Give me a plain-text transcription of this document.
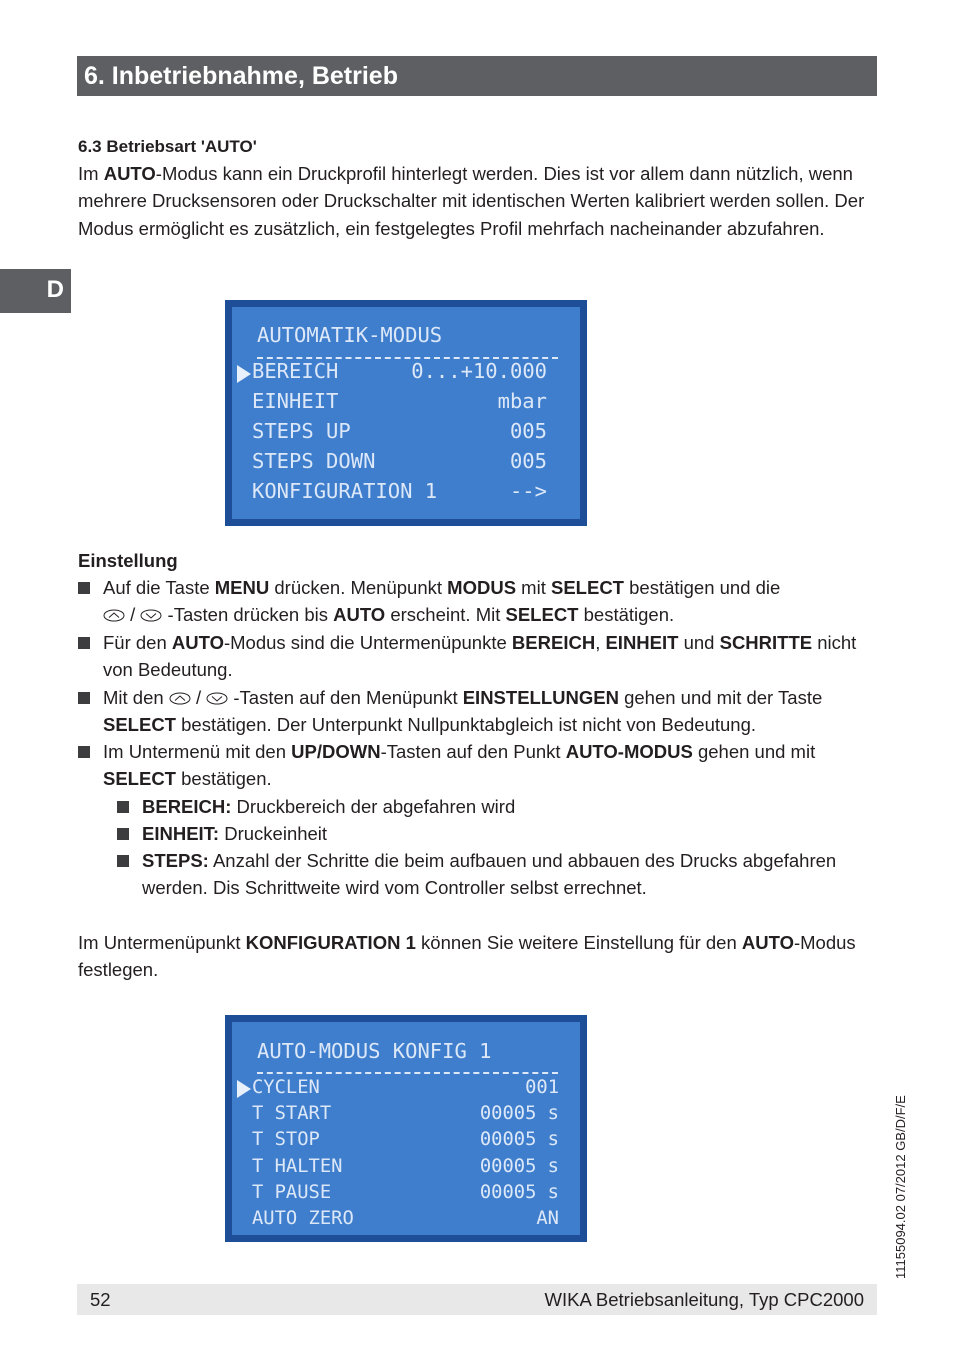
6. Inbetriebnahme, Betrieb
D
6.3 Betriebsart 'AUTO'
Im AUTO-Modus kann ein Druckprofil hinterlegt werden. Dies ist vor allem dann nützlich, wenn mehrere Drucksensoren oder Druckschalter mit identischen Werten kalibriert werden sollen. Der Modus ermöglicht es zusätzlich, ein festgelegtes Profil mehrfach nacheinander abzufahren.
AUTOMATIK-MODUS
BEREICH	0...+10.000
EINHEIT	mbar
STEPS UP	005
STEPS DOWN	005
KONFIGURATION 1	-->
Einstellung
Auf die Taste MENU drücken. Menüpunkt MODUS mit SELECT bestätigen und die
/  -Tasten drücken bis AUTO erscheint. Mit SELECT bestätigen.
Für den AUTO-Modus sind die Untermenüpunkte BEREICH, EINHEIT und SCHRITTE nicht von Bedeutung.
Mit den  /  -Tasten auf den Menüpunkt EINSTELLUNGEN gehen und mit der Taste SELECT bestätigen. Der Unterpunkt Nullpunktabgleich ist nicht von Bedeutung.
Im Untermenü mit den UP/DOWN-Tasten auf den Punkt AUTO-MODUS gehen und mit SELECT bestätigen.
BEREICH: Druckbereich der abgefahren wird
EINHEIT: Druckeinheit
STEPS: Anzahl der Schritte die beim aufbauen und abbauen des Drucks abgefahren werden. Dis Schrittweite wird vom Controller selbst errechnet.
Im Untermenüpunkt KONFIGURATION 1 können Sie weitere Einstellung für den AUTO-Modus festlegen.
AUTO-MODUS KONFIG 1
CYCLEN	001
T START	00005 s
T STOP	00005 s
T HALTEN	00005 s
T PAUSE	00005 s
AUTO ZERO	AN	11155094.02 07/2012 GB/D/F/E
52	WIKA Betriebsanleitung, Typ CPC2000
